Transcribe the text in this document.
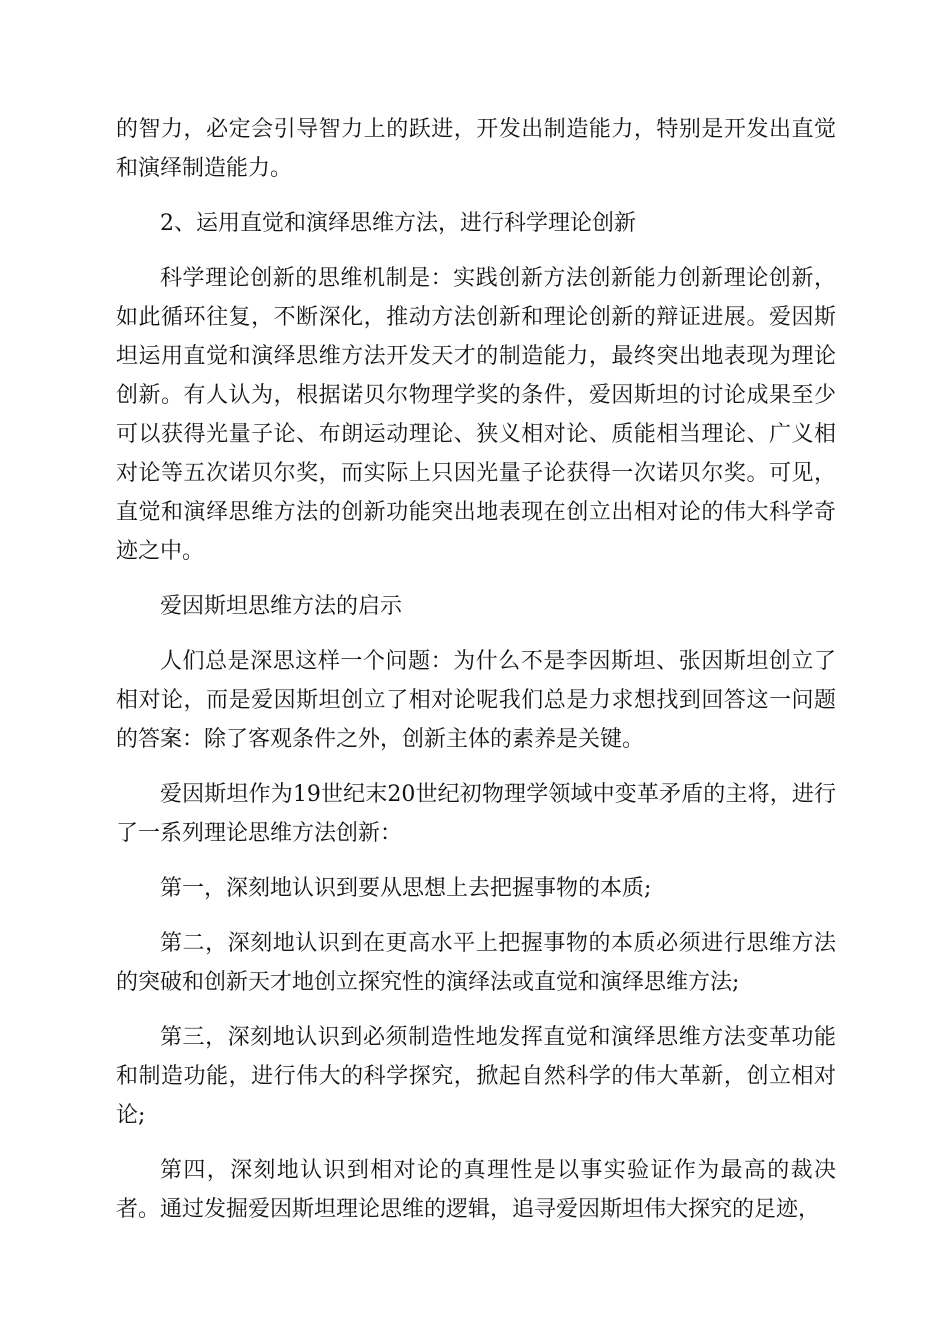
的智力，必定会引导智力上的跃进，开发出制造能力，特别是开发出直觉和演绎制造能力。

2、运用直觉和演绎思维方法，进行科学理论创新

科学理论创新的思维机制是：实践创新方法创新能力创新理论创新，如此循环往复，不断深化，推动方法创新和理论创新的辩证进展。爱因斯坦运用直觉和演绎思维方法开发天才的制造能力，最终突出地表现为理论创新。有人认为，根据诺贝尔物理学奖的条件，爱因斯坦的讨论成果至少可以获得光量子论、布朗运动理论、狭义相对论、质能相当理论、广义相对论等五次诺贝尔奖，而实际上只因光量子论获得一次诺贝尔奖。可见，直觉和演绎思维方法的创新功能突出地表现在创立出相对论的伟大科学奇迹之中。

爱因斯坦思维方法的启示

人们总是深思这样一个问题：为什么不是李因斯坦、张因斯坦创立了相对论，而是爱因斯坦创立了相对论呢我们总是力求想找到回答这一问题的答案：除了客观条件之外，创新主体的素养是关键。

爱因斯坦作为19世纪末20世纪初物理学领域中变革矛盾的主将，进行了一系列理论思维方法创新：

第一，深刻地认识到要从思想上去把握事物的本质;

第二，深刻地认识到在更高水平上把握事物的本质必须进行思维方法的突破和创新天才地创立探究性的演绎法或直觉和演绎思维方法;

第三，深刻地认识到必须制造性地发挥直觉和演绎思维方法变革功能和制造功能，进行伟大的科学探究，掀起自然科学的伟大革新，创立相对论;

第四，深刻地认识到相对论的真理性是以事实验证作为最高的裁决者。通过发掘爱因斯坦理论思维的逻辑，追寻爱因斯坦伟大探究的足迹，
